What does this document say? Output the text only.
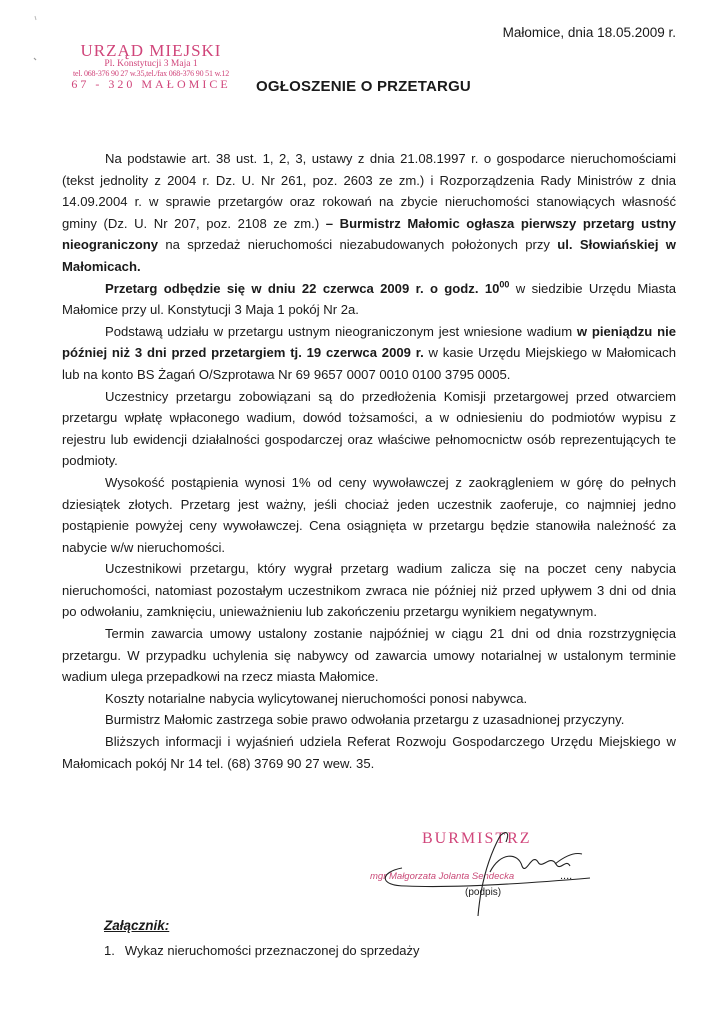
Małomice, dnia 18.05.2009 r.
URZĄD MIEJSKI
Pl. Konstytucji 3 Maja 1
tel. 068-376 90 27 w.35,tel./fax 068-376 90 51 w.12
67 - 320 MAŁOMICE	OGŁOSZENIE O PRZETARGU

Na podstawie art. 38 ust. 1, 2, 3, ustawy z dnia 21.08.1997 r. o gospodarce nieruchomościami (tekst jednolity z 2004 r. Dz. U. Nr 261, poz. 2603 ze zm.) i Rozporządzenia Rady Ministrów z dnia 14.09.2004 r. w sprawie przetargów oraz rokowań na zbycie nieruchomości stanowiących własność gminy (Dz. U. Nr 207, poz. 2108 ze zm.) – Burmistrz Małomic ogłasza pierwszy przetarg ustny nieograniczony na sprzedaż nieruchomości niezabudowanych położonych przy ul. Słowiańskiej w Małomicach.

Przetarg odbędzie się w dniu 22 czerwca 2009 r. o godz. $10^{00}$ w siedzibie Urzędu Miasta Małomice przy ul. Konstytucji 3 Maja 1 pokój Nr 2a.

Podstawą udziału w przetargu ustnym nieograniczonym jest wniesione wadium w pieniądzu nie później niż 3 dni przed przetargiem tj. 19 czerwca 2009 r. w kasie Urzędu Miejskiego w Małomicach lub na konto BS Żagań O/Szprotawa Nr 69 9657 0007 0010 0100 3795 0005.

Uczestnicy przetargu zobowiązani są do przedłożenia Komisji przetargowej przed otwarciem przetargu wpłatę wpłaconego wadium, dowód tożsamości, a w odniesieniu do podmiotów wypisu z rejestru lub ewidencji działalności gospodarczej oraz właściwe pełnomocnictw osób reprezentujących te podmioty.

Wysokość postąpienia wynosi 1% od ceny wywoławczej z zaokrągleniem w górę do pełnych dziesiątek złotych. Przetarg jest ważny, jeśli chociaż jeden uczestnik zaoferuje, co najmniej jedno postąpienie powyżej ceny wywoławczej. Cena osiągnięta w przetargu będzie stanowiła należność za nabycie w/w nieruchomości.

Uczestnikowi przetargu, który wygrał przetarg wadium zalicza się na poczet ceny nabycia nieruchomości, natomiast pozostałym uczestnikom zwraca nie później niż przed upływem 3 dni od dnia po odwołaniu, zamknięciu, unieważnieniu lub zakończeniu przetargu wynikiem negatywnym.

Termin zawarcia umowy ustalony zostanie najpóźniej w ciągu 21 dni od dnia rozstrzygnięcia przetargu. W przypadku uchylenia się nabywcy od zawarcia umowy notarialnej w ustalonym terminie wadium ulega przepadkowi na rzecz miasta Małomice.

Koszty notarialne nabycia wylicytowanej nieruchomości ponosi nabywca.

Burmistrz Małomic zastrzega sobie prawo odwołania przetargu z uzasadnionej przyczyny.

Bliższych informacji i wyjaśnień udziela Referat Rozwoju Gospodarczego Urzędu Miejskiego w Małomicach pokój Nr 14 tel. (68) 3769 90 27 wew. 35.

BURMISTRZ
mgr Małgorzata Jolanta Sendecka	....
(podpis)
Załącznik:
1. Wykaz nieruchomości przeznaczonej do sprzedaży
